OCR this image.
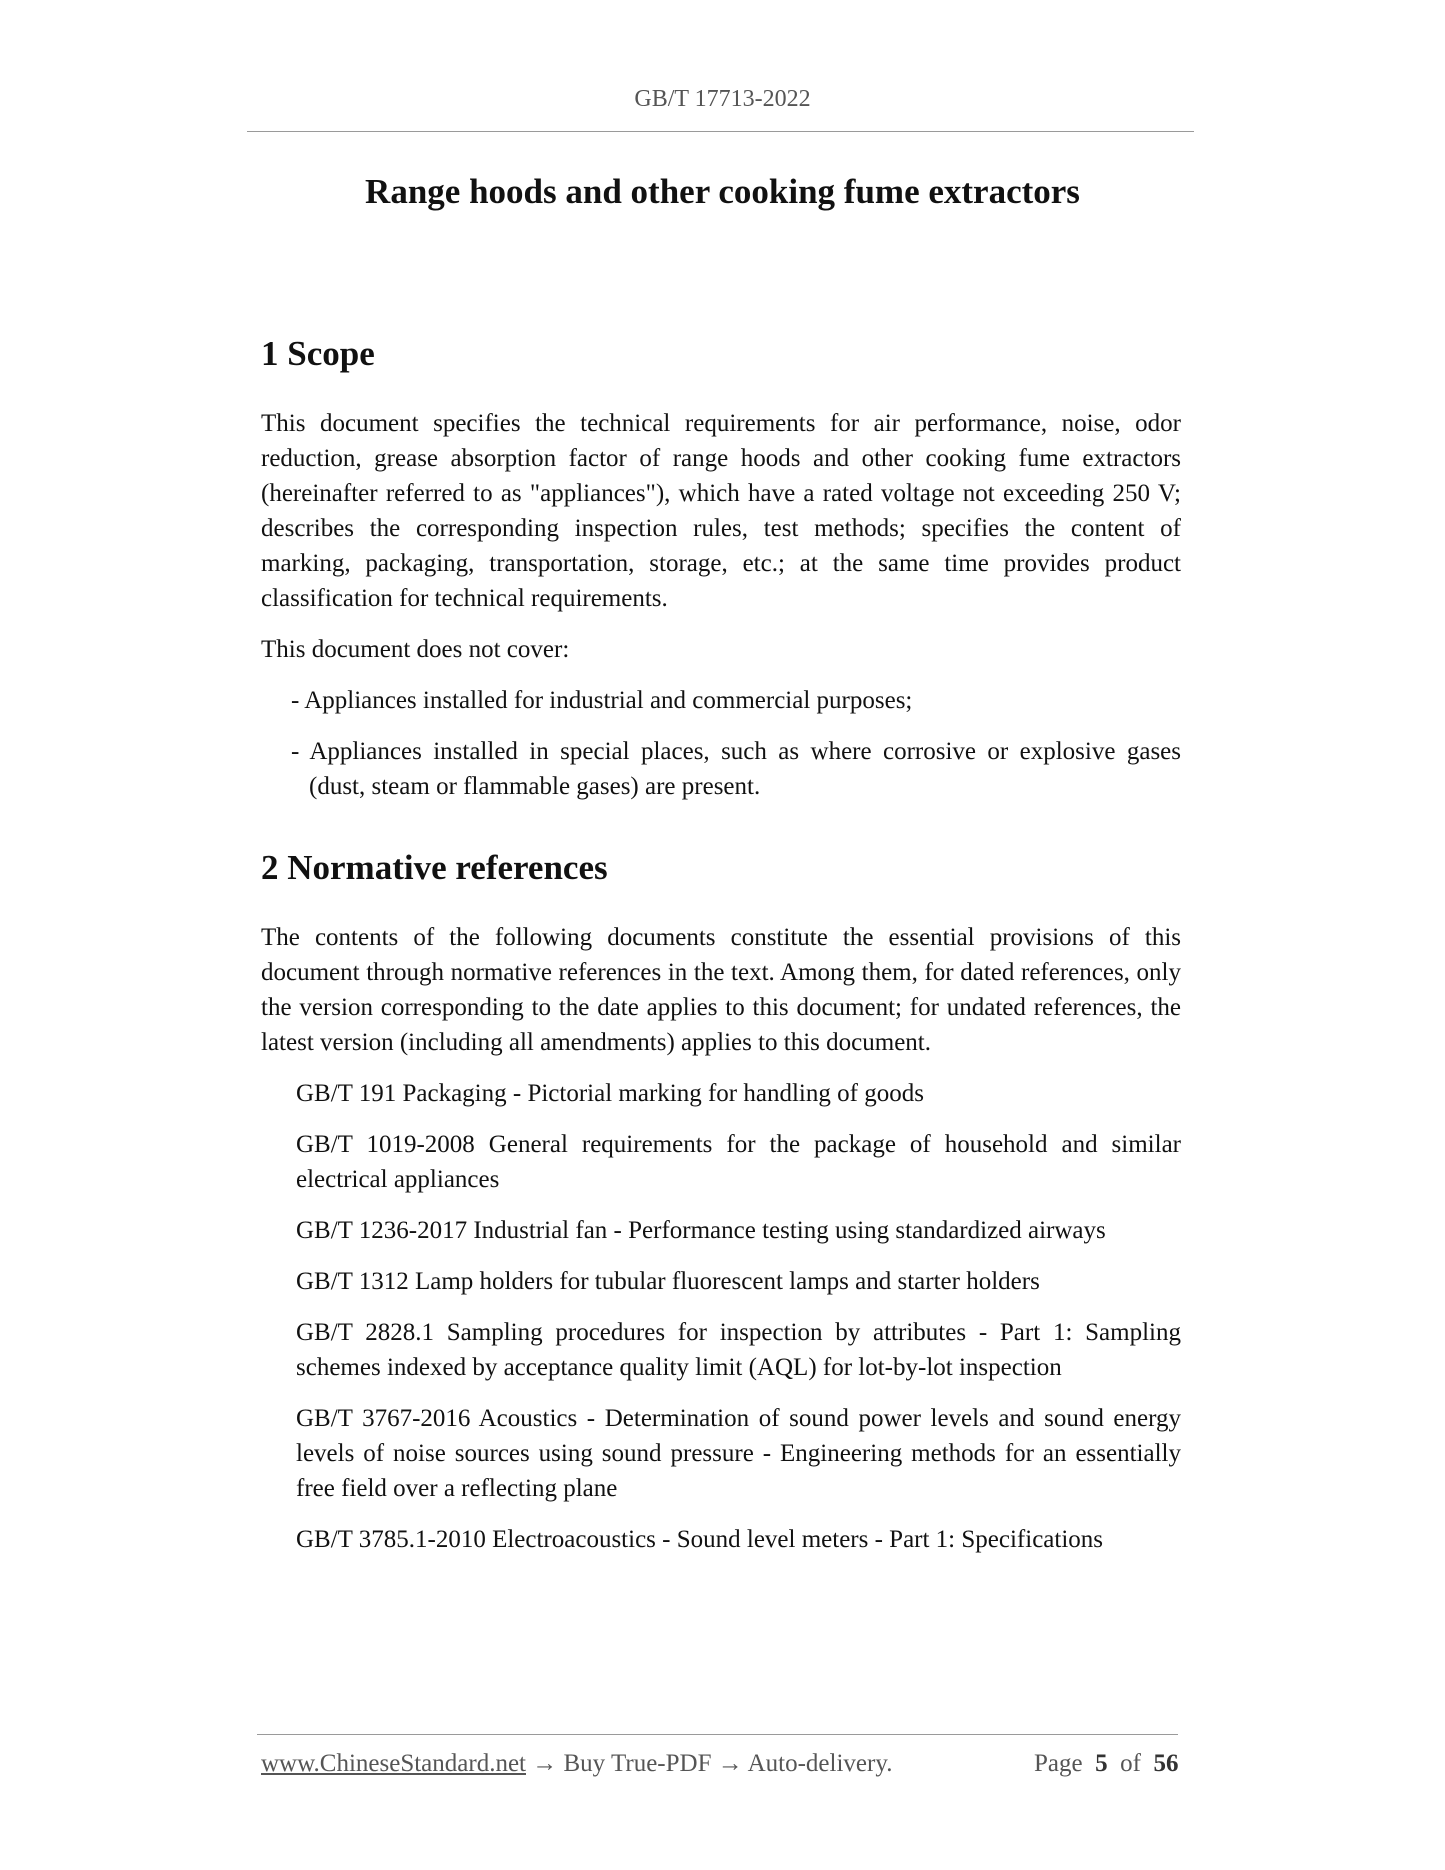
GB/T 17713-2022
Range hoods and other cooking fume extractors
1 Scope

This document specifies the technical requirements for air performance, noise, odor reduction, grease absorption factor of range hoods and other cooking fume extractors (hereinafter referred to as "appliances"), which have a rated voltage not exceeding 250 V; describes the corresponding inspection rules, test methods; specifies the content of marking, packaging, transportation, storage, etc.; at the same time provides product classification for technical requirements.

This document does not cover:

- Appliances installed for industrial and commercial purposes;

- Appliances installed in special places, such as where corrosive or explosive gases (dust, steam or flammable gases) are present.

2 Normative references

The contents of the following documents constitute the essential provisions of this document through normative references in the text. Among them, for dated references, only the version corresponding to the date applies to this document; for undated references, the latest version (including all amendments) applies to this document.

GB/T 191 Packaging - Pictorial marking for handling of goods

GB/T 1019-2008 General requirements for the package of household and similar electrical appliances

GB/T 1236-2017 Industrial fan - Performance testing using standardized airways

GB/T 1312 Lamp holders for tubular fluorescent lamps and starter holders

GB/T 2828.1 Sampling procedures for inspection by attributes - Part 1: Sampling schemes indexed by acceptance quality limit (AQL) for lot-by-lot inspection

GB/T 3767-2016 Acoustics - Determination of sound power levels and sound energy levels of noise sources using sound pressure - Engineering methods for an essentially free field over a reflecting plane

GB/T 3785.1-2010 Electroacoustics - Sound level meters - Part 1: Specifications

www.ChineseStandard.net → Buy True-PDF → Auto-delivery.	Page 5 of 56
